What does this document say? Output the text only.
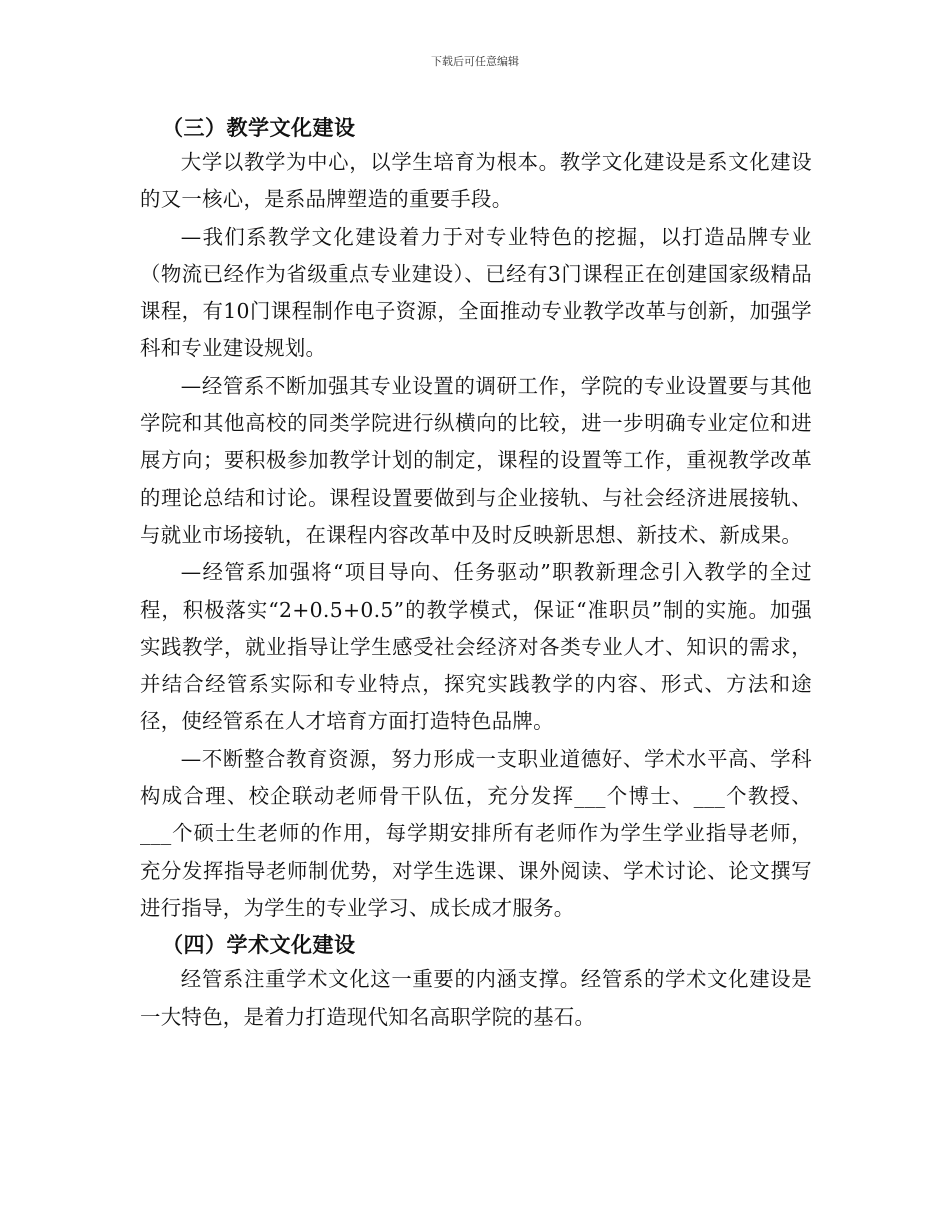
下载后可任意编辑
（三）教学文化建设

大学以教学为中心，以学生培育为根本。教学文化建设是系文化建设的又一核心，是系品牌塑造的重要手段。

—我们系教学文化建设着力于对专业特色的挖掘，以打造品牌专业（物流已经作为省级重点专业建设）、已经有3门课程正在创建国家级精品课程，有10门课程制作电子资源，全面推动专业教学改革与创新，加强学科和专业建设规划。

—经管系不断加强其专业设置的调研工作，学院的专业设置要与其他学院和其他高校的同类学院进行纵横向的比较，进一步明确专业定位和进展方向；要积极参加教学计划的制定，课程的设置等工作，重视教学改革的理论总结和讨论。课程设置要做到与企业接轨、与社会经济进展接轨、与就业市场接轨，在课程内容改革中及时反映新思想、新技术、新成果。

—经管系加强将“项目导向、任务驱动”职教新理念引入教学的全过程，积极落实“2+0.5+0.5”的教学模式，保证“准职员”制的实施。加强实践教学，就业指导让学生感受社会经济对各类专业人才、知识的需求，并结合经管系实际和专业特点，探究实践教学的内容、形式、方法和途径，使经管系在人才培育方面打造特色品牌。

—不断整合教育资源，努力形成一支职业道德好、学术水平高、学科构成合理、校企联动老师骨干队伍，充分发挥___个博士、___个教授、___个硕士生老师的作用，每学期安排所有老师作为学生学业指导老师，充分发挥指导老师制优势，对学生选课、课外阅读、学术讨论、论文撰写进行指导，为学生的专业学习、成长成才服务。

（四）学术文化建设

经管系注重学术文化这一重要的内涵支撑。经管系的学术文化建设是一大特色，是着力打造现代知名高职学院的基石。
